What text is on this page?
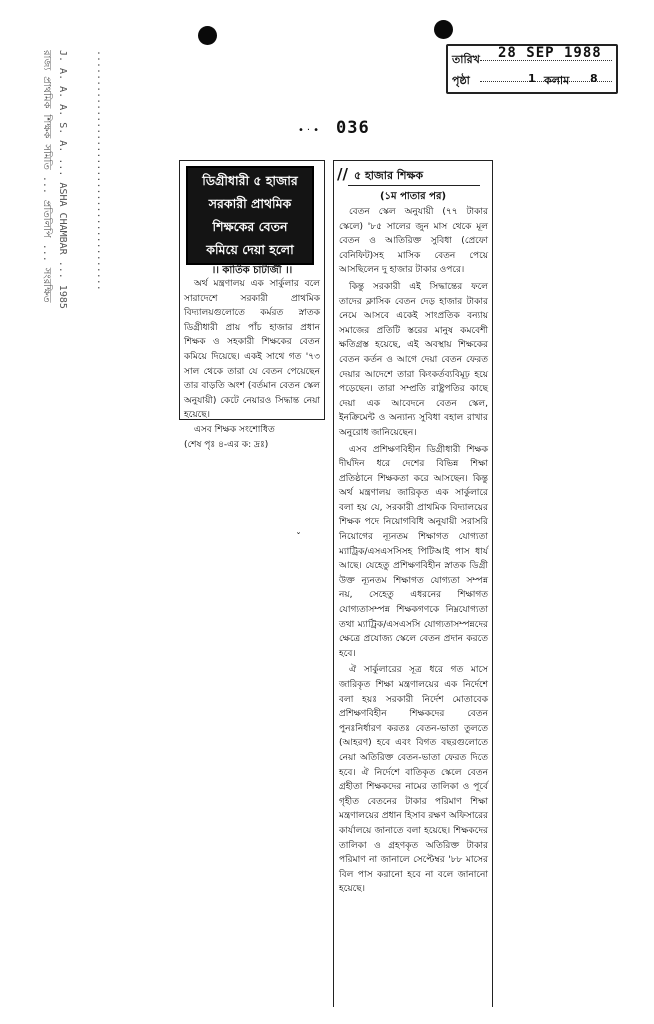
তারিখ 28 SEP 1988
পৃষ্ঠা	1 কলাম 8
•·• 036
রাজ্য প্রাথমিক শিক্ষক সমিতি ... প্রতিলিপি ... সংরক্ষিত J. A. A. A. S. A. ... ASHA CHAMBAR ... 1985	........................................	ডিগ্রীধারী ৫ হাজার
সরকারী প্রাথমিক
শিক্ষকের বেতন
কমিয়ে দেয়া হলো
।। কার্তিক চাটার্জী ।।

অর্থ মন্ত্রণালয় এক সার্কুলার বলে সারাদেশে সরকারী প্রাথমিক বিদ্যালয়গুলোতে কর্মরত স্নাতক ডিগ্রীধারী প্রায় পাঁচ হাজার প্রধান শিক্ষক ও সহকারী শিক্ষকের বেতন কমিয়ে দিয়েছে। একই সাথে গত '৭৩ সাল থেকে তারা যে বেতন পেয়েছেন তার বাড়তি অংশ (বর্তমান বেতন স্কেল অনুযায়ী) কেটে নেয়ারও সিদ্ধান্ত নেয়া হয়েছে।

এসব শিক্ষক সংশোধিত

(শেষ পৃঃ ৪-এর ক: দ্রঃ)

ˇ
// ৫ হাজার শিক্ষক
(১ম পাতার পর)

বেতন স্কেল অনুযায়ী (৭৭ টাকার স্কেলে) '৮৫ সালের জুন মাস থেকে মূল বেতন ও আতিরিক্ত সুবিধা (প্রেফো বেনিফিট)সহ মাসিক বেতন পেয়ে আসছিলেন দু হাজার টাকার ওপরে।

কিন্তু সরকারী এই সিদ্ধান্তের ফলে তাদের ক্লাসিক বেতন দেড় হাজার টাকার নেমে আসবে একেই সাংপ্রতিক বন্যায় সমাজের প্রতিটি স্তরের মানুষ কমবেশী ক্ষতিগ্রস্ত হয়েছে, এই অবস্থায় শিক্ষকের বেতন কর্তন ও আগে দেয়া বেতন ফেরত দেয়ার আদেশে তারা কিংকর্তব্যবিমূঢ় হয়ে পড়েছেন। তারা সম্প্রতি রাষ্ট্রপতির কাছে দেয়া এক আবেদনে বেতন স্কেল, ইনক্রিমেন্ট ও অন্যান্য সুবিধা বহাল রাখার অনুরোধ জানিয়েছেন।

এসব প্রশিক্ষণবিহীন ডিগ্রীধারী শিক্ষক দীর্ঘদিন ধরে দেশের বিভিন্ন শিক্ষা প্রতিষ্ঠানে শিক্ষকতা করে আসছেন। কিন্তু অর্থ মন্ত্রণালয় জারিকৃত এক সার্কুলারে বলা হয় যে, সরকারী প্রাথমিক বিদ্যালয়ের শিক্ষক পদে নিয়োগবিধি অনুযায়ী সরাসরি নিয়োগের ন্যূনতম শিক্ষাগত যোগ্যতা ম্যাট্রিক/এসএসসিসহ পিটিআই পাস ধার্য আছে। যেহেতু প্রশিক্ষণবিহীন স্নাতক ডিগ্রী উক্ত ন্যূনতম শিক্ষাগত যোগ্যতা সম্পন্ন নয়, সেহেতু এধরনের শিক্ষাগত যোগ্যতাসম্পন্ন শিক্ষকগণকে নিম্নযোগ্যতা তথা ম্যাট্রিক/এসএসসি যোগ্যতাসম্পন্নদের ক্ষেত্রে প্রযোজ্য স্কেলে বেতন প্রদান করতে হবে।

ঐ সার্কুলারের সূত্র ধরে গত মাসে জারিকৃত শিক্ষা মন্ত্রণালয়ের এক নির্দেশে বলা হয়ঃ সরকারী নির্দেশ মোতাবেক প্রশিক্ষণবিহীন শিক্ষকদের বেতন পুনঃনির্ধারণ করতঃ বেতন-ভাতা তুলতে (আহরণ) হবে এবং বিগত বছরগুলোতে নেয়া অতিরিক্ত বেতন-ভাতা ফেরত দিতে হবে। ঐ নির্দেশে বাতিকৃত স্কেলে বেতন গ্রহীতা শিক্ষকদের নামের তালিকা ও পূর্বে গৃহীত বেতনের টাকার পরিমাণ শিক্ষা মন্ত্রণালয়ের প্রধান হিসাব রক্ষণ অফিসারের কার্যালয়ে জানাতে বলা হয়েছে। শিক্ষকদের তালিকা ও গ্রহণকৃত অতিরিক্ত টাকার পরিমাণ না জানালে সেপ্টেম্বর '৮৮ মাসের বিল পাস করানো হবে না বলে জানানো হয়েছে।
